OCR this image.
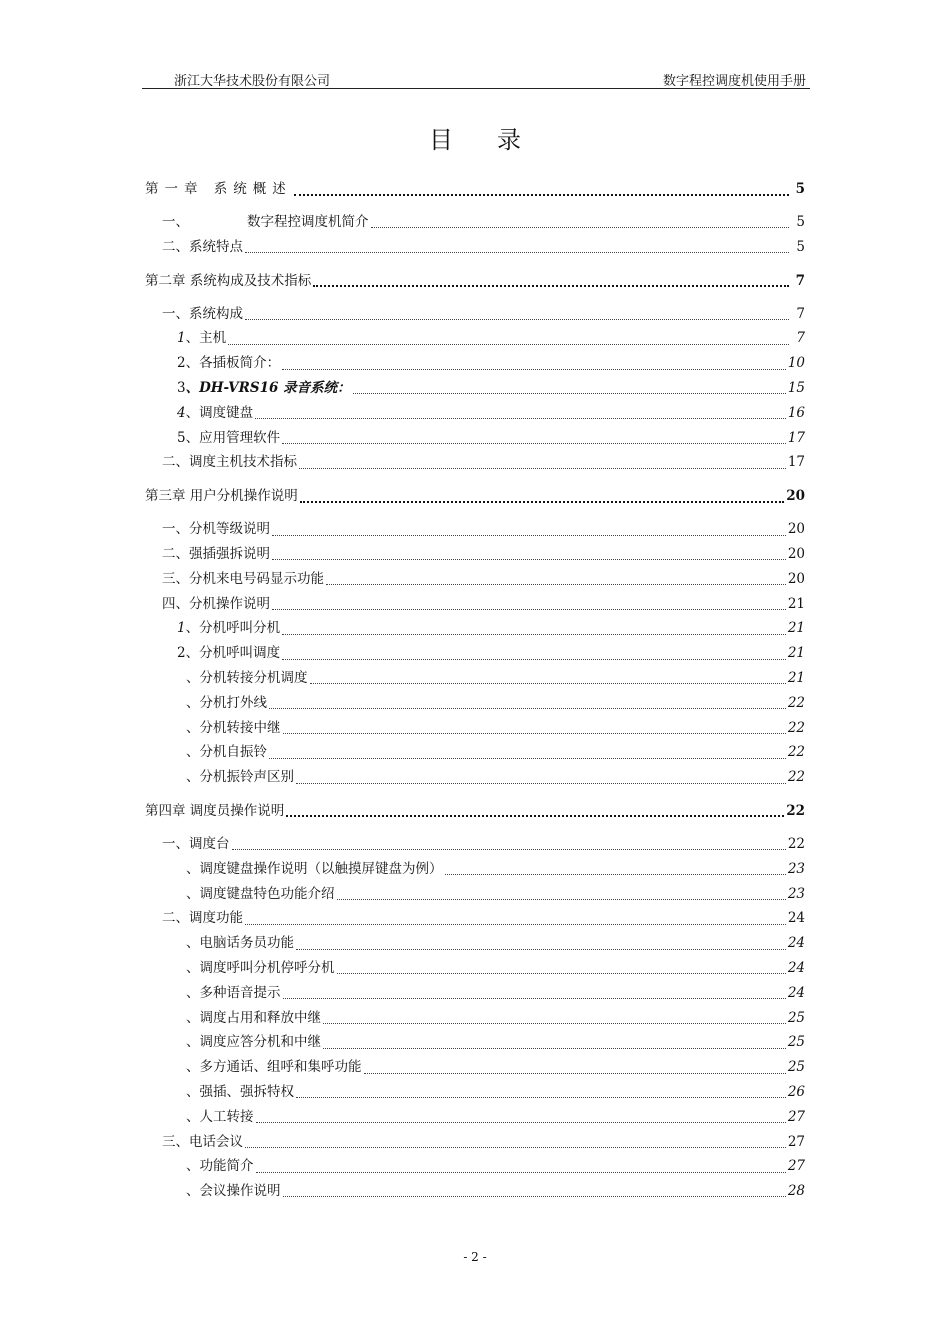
浙江大华技术股份有限公司	数字程控调度机使用手册
目录
第一章 系统概述	5
一、	数字程控调度机简介	5
二、系统特点	5
第二章 系统构成及技术指标	7
一、系统构成	7
1 、主机	7
2 、各插板简介：	10
3 、DH-VRS16 录音系统：	15
4 、调度键盘	16
5 、应用管理软件	17
二、调度主机技术指标	17
第三章 用户分机操作说明	20
一、分机等级说明	20
二、强插强拆说明	20
三、分机来电号码显示功能	20
四、分机操作说明	21
1 、分机呼叫分机	21
2 、分机呼叫调度	21
、分机转接分机调度	21
、分机打外线	22
、分机转接中继	22
、分机自振铃	22
、分机振铃声区别	22
第四章 调度员操作说明	22
一、调度台	22
、调度键盘操作说明（以触摸屏键盘为例）	23
、调度键盘特色功能介绍	23
二、调度功能	24
、电脑话务员功能	24
、调度呼叫分机停呼分机	24
、多种语音提示	24
、调度占用和释放中继	25
、调度应答分机和中继	25
、多方通话、组呼和集呼功能	25
、强插、强拆特权	26
、人工转接	27
三、电话会议	27
、功能简介	27
、会议操作说明	28
- 2 -
